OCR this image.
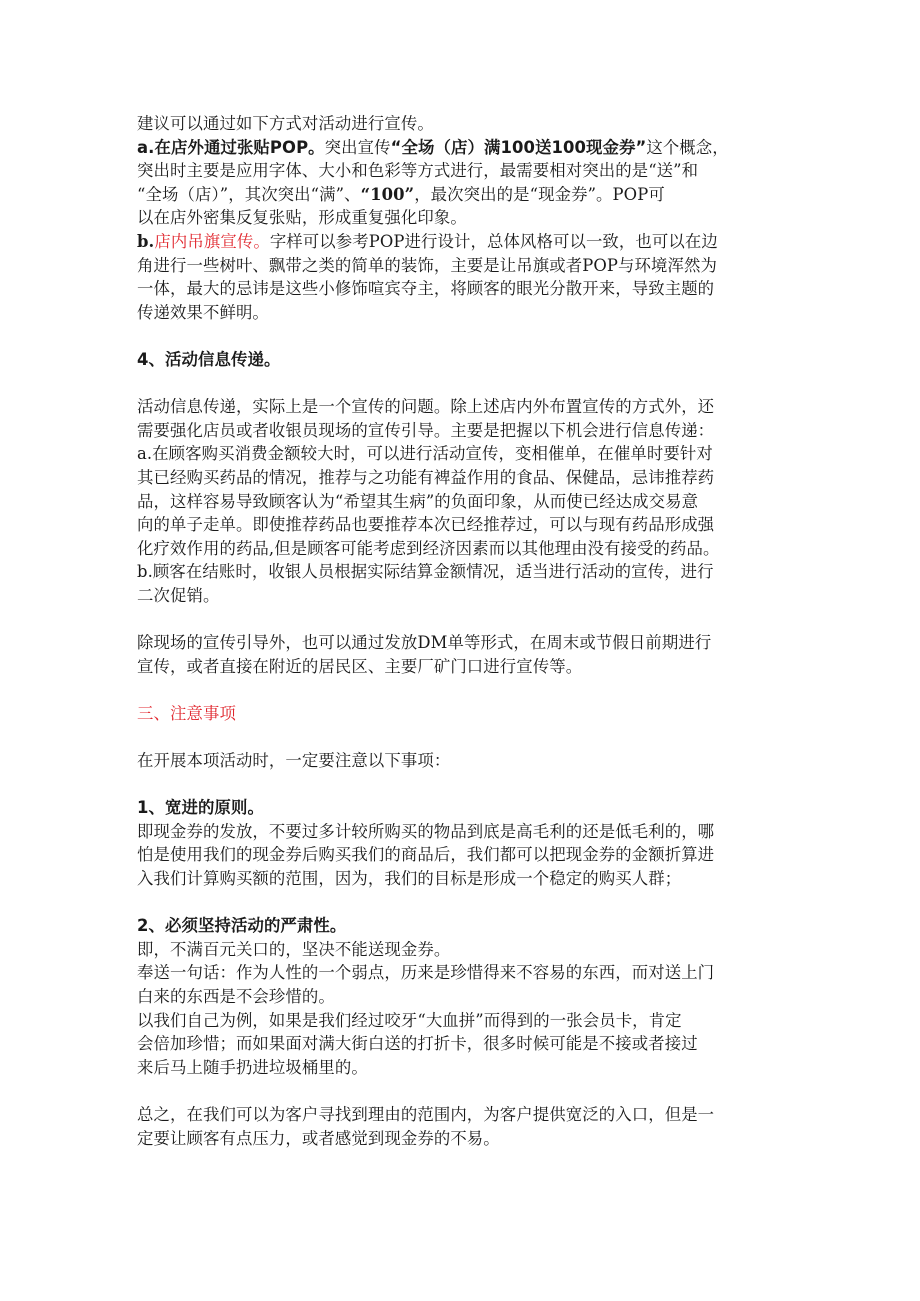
建议可以通过如下方式对活动进行宣传。
a.在店外通过张贴POP。突出宣传“全场（店）满100送100现金券”这个概念，
突出时主要是应用字体、大小和色彩等方式进行，最需要相对突出的是“送”和
“全场（店）”，其次突出“满”、“100”，最次突出的是“现金券”。POP可
以在店外密集反复张贴，形成重复强化印象。
b.店内吊旗宣传。字样可以参考POP进行设计，总体风格可以一致，也可以在边
角进行一些树叶、飘带之类的简单的装饰，主要是让吊旗或者POP与环境浑然为
一体，最大的忌讳是这些小修饰喧宾夺主，将顾客的眼光分散开来，导致主题的
传递效果不鲜明。
4、活动信息传递。
活动信息传递，实际上是一个宣传的问题。除上述店内外布置宣传的方式外，还
需要强化店员或者收银员现场的宣传引导。主要是把握以下机会进行信息传递：
a.在顾客购买消费金额较大时，可以进行活动宣传，变相催单，在催单时要针对
其已经购买药品的情况，推荐与之功能有裨益作用的食品、保健品，忌讳推荐药
品，这样容易导致顾客认为“希望其生病”的负面印象，从而使已经达成交易意
向的单子走单。即使推荐药品也要推荐本次已经推荐过，可以与现有药品形成强
化疗效作用的药品,但是顾客可能考虑到经济因素而以其他理由没有接受的药品。
b.顾客在结账时，收银人员根据实际结算金额情况，适当进行活动的宣传，进行
二次促销。
除现场的宣传引导外，也可以通过发放DM单等形式，在周末或节假日前期进行
宣传，或者直接在附近的居民区、主要厂矿门口进行宣传等。
三、注意事项
在开展本项活动时，一定要注意以下事项：
1、宽进的原则。
即现金券的发放，不要过多计较所购买的物品到底是高毛利的还是低毛利的，哪
怕是使用我们的现金券后购买我们的商品后，我们都可以把现金券的金额折算进
入我们计算购买额的范围，因为，我们的目标是形成一个稳定的购买人群；
2、必须坚持活动的严肃性。
即，不满百元关口的，坚决不能送现金券。
奉送一句话：作为人性的一个弱点，历来是珍惜得来不容易的东西，而对送上门
白来的东西是不会珍惜的。
以我们自己为例，如果是我们经过咬牙“大血拼”而得到的一张会员卡，肯定
会倍加珍惜；而如果面对满大街白送的打折卡，很多时候可能是不接或者接过
来后马上随手扔进垃圾桶里的。
总之，在我们可以为客户寻找到理由的范围内，为客户提供宽泛的入口，但是一
定要让顾客有点压力，或者感觉到现金券的不易。
